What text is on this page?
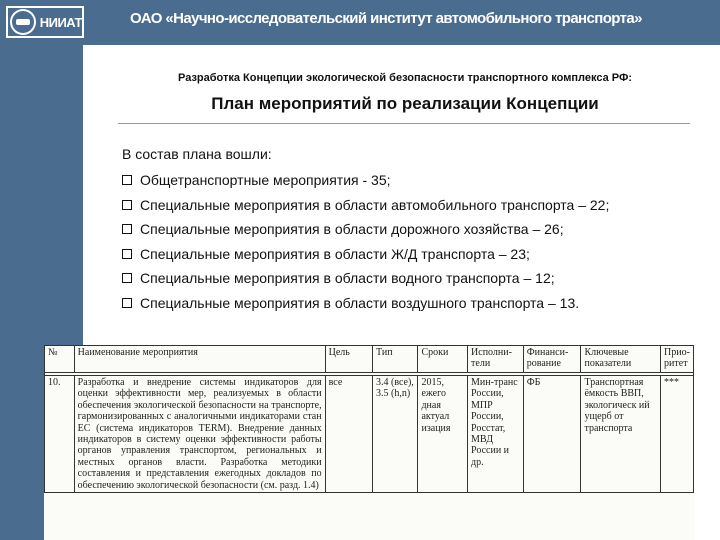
НИИАТ	ОАО «Научно-исследовательский институт автомобильного транспорта»
Разработка Концепции экологической безопасности транспортного комплекса РФ:
План мероприятий по реализации Концепции
В состав плана вошли:
Общетранспортные мероприятия - 35;
Специальные мероприятия в области автомобильного транспорта – 22;
Специальные мероприятия в области дорожного хозяйства – 26;
Специальные мероприятия в области Ж/Д транспорта – 23;
Специальные мероприятия в области водного транспорта – 12;
Специальные мероприятия в области воздушного транспорта – 13.
№	Наименование мероприятия	Цель	Тип	Сроки	Исполни-тели	Финанси-рование	Ключевые показатели	Прио-ритет

10.	Разработка и внедрение системы индикаторов для оценки эффективности мер, реализуемых в области обеспечения экологической безопасности на транспорте, гармонизированных с аналогичными индикаторами стан ЕС (система индикаторов TERM). Внедрение данных индикаторов в систему оценки эффективности работы органов управления транспортом, региональных и местных органов власти. Разработка методики составления и представления ежегодных докладов по обеспечению экологической безопасности (см. разд. 1.4)	все	3.4 (все), 3.5 (h,n)	2015, ежего дная актуал изация	Мин-транс России, МПР России, Росстат, МВД России и др.	ФБ	Транспортная ёмкость ВВП, экологическ ий ущерб от транспорта	***
